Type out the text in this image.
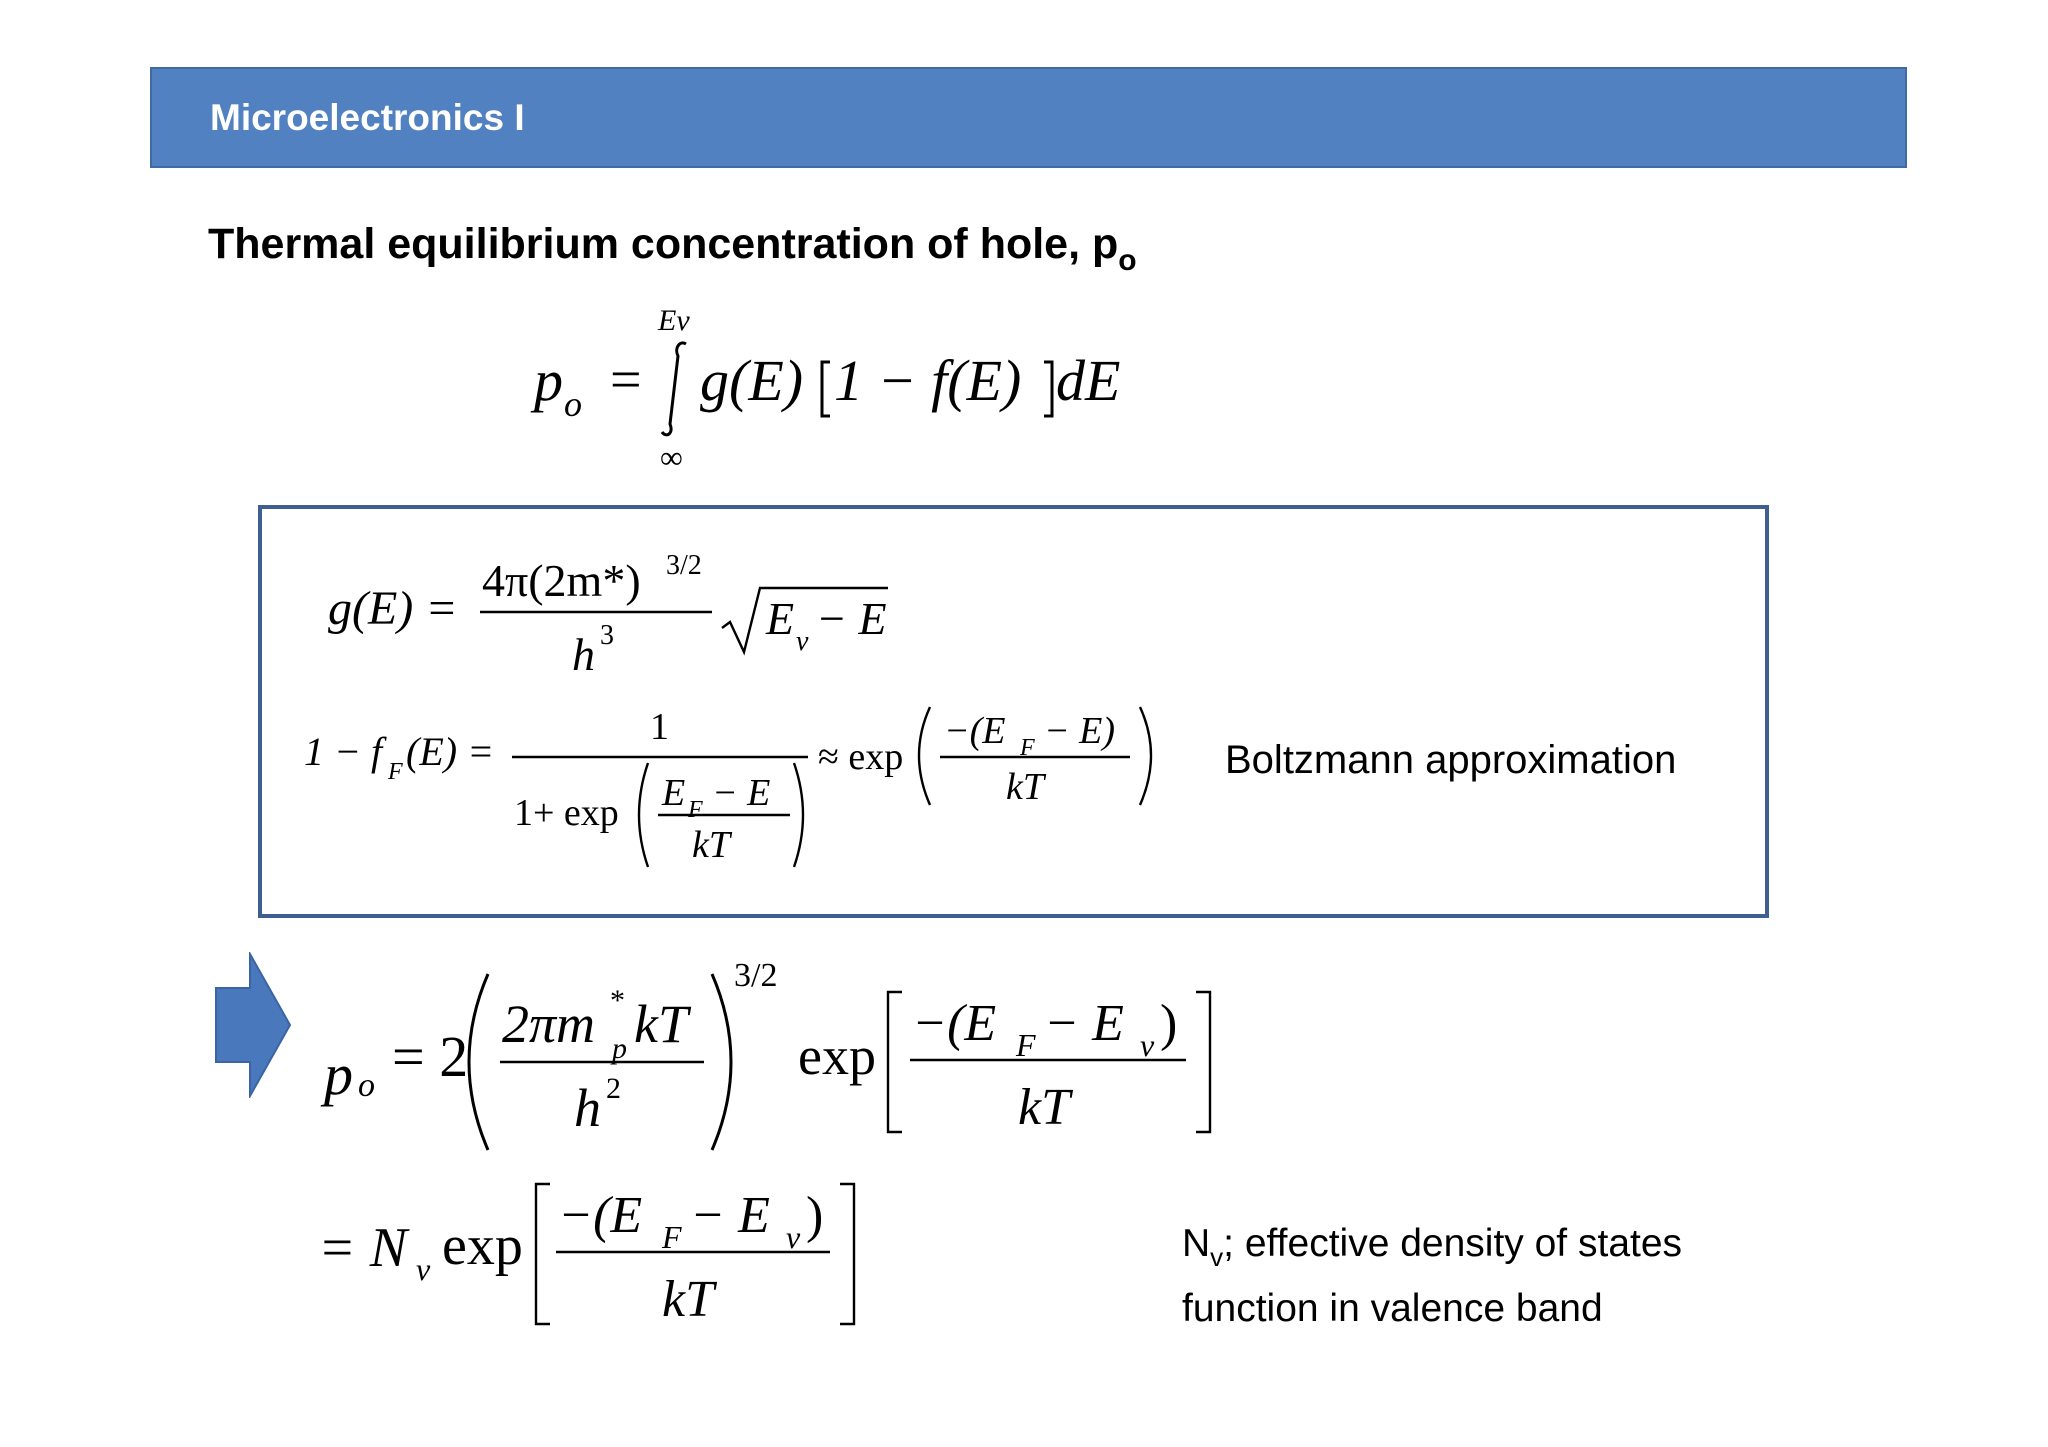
Microelectronics I
Thermal equilibrium concentration of hole, $p_o$
p o =
Ev
∞
g(E) 1 − f(E) dE
g(E) =
4π(2m*) 3/2
h 3	E v − E
1 − f F (E) =
1
1+ exp E F − E
kT
≈ exp
−(E F − E)
kT
Boltzmann approximation
p o = 2 2πm *
p kT
h 2
3/2
exp
−(E F − E v )
kT
= N v exp −(E F − E v )
kT
$N_v$; effective density of states
function in valence band
